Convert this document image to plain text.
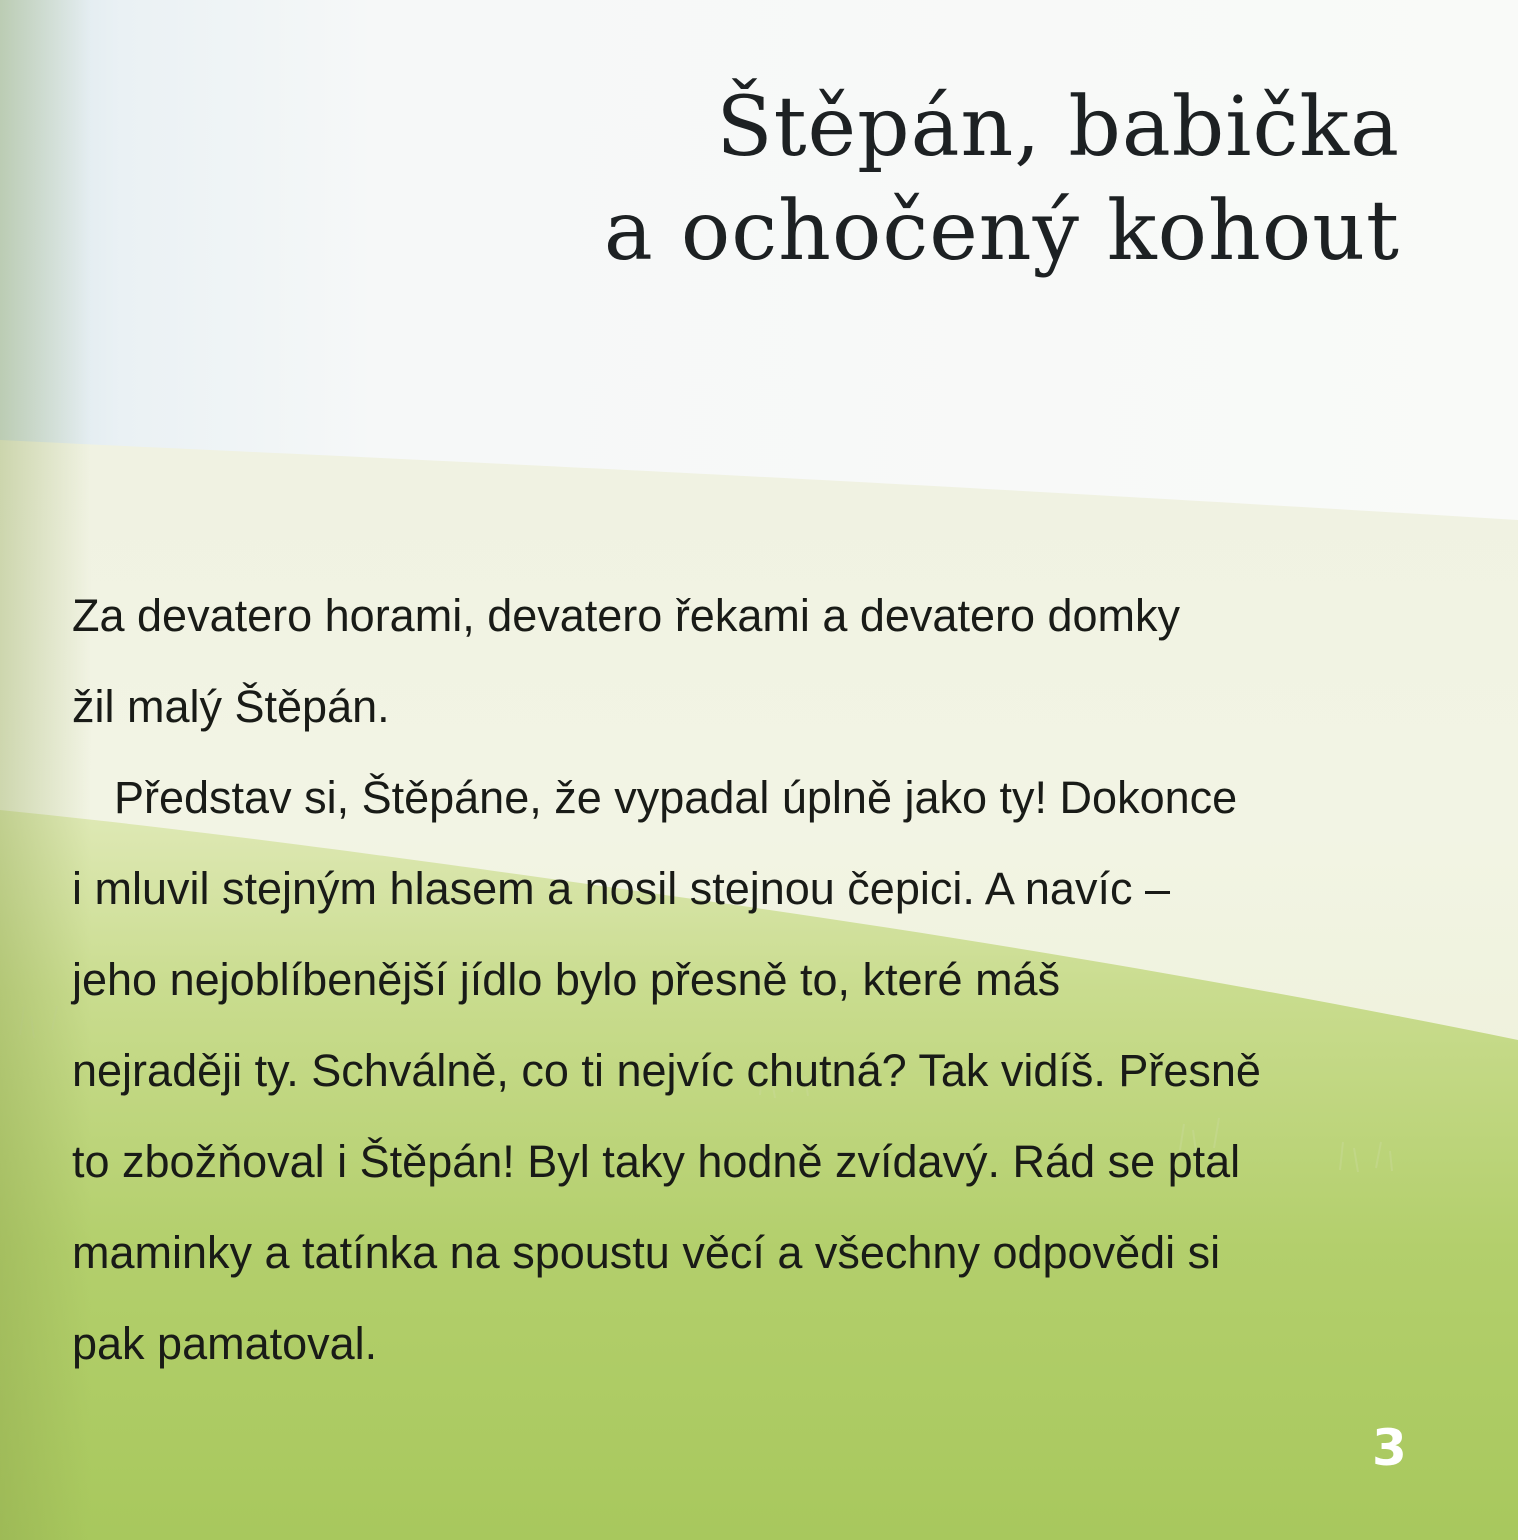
Štěpán, babička
a ochočený kohout

Za devatero horami, devatero řekami a devatero domky
žil malý Štěpán.

Představ si, Štěpáne, že vypadal úplně jako ty! Dokonce
i mluvil stejným hlasem a nosil stejnou čepici. A navíc –
jeho nejoblíbenější jídlo bylo přesně to, které máš
nejraději ty. Schválně, co ti nejvíc chutná? Tak vidíš. Přesně
to zbožňoval i Štěpán! Byl taky hodně zvídavý. Rád se ptal
maminky a tatínka na spoustu věcí a všechny odpovědi si
pak pamatoval.

3
